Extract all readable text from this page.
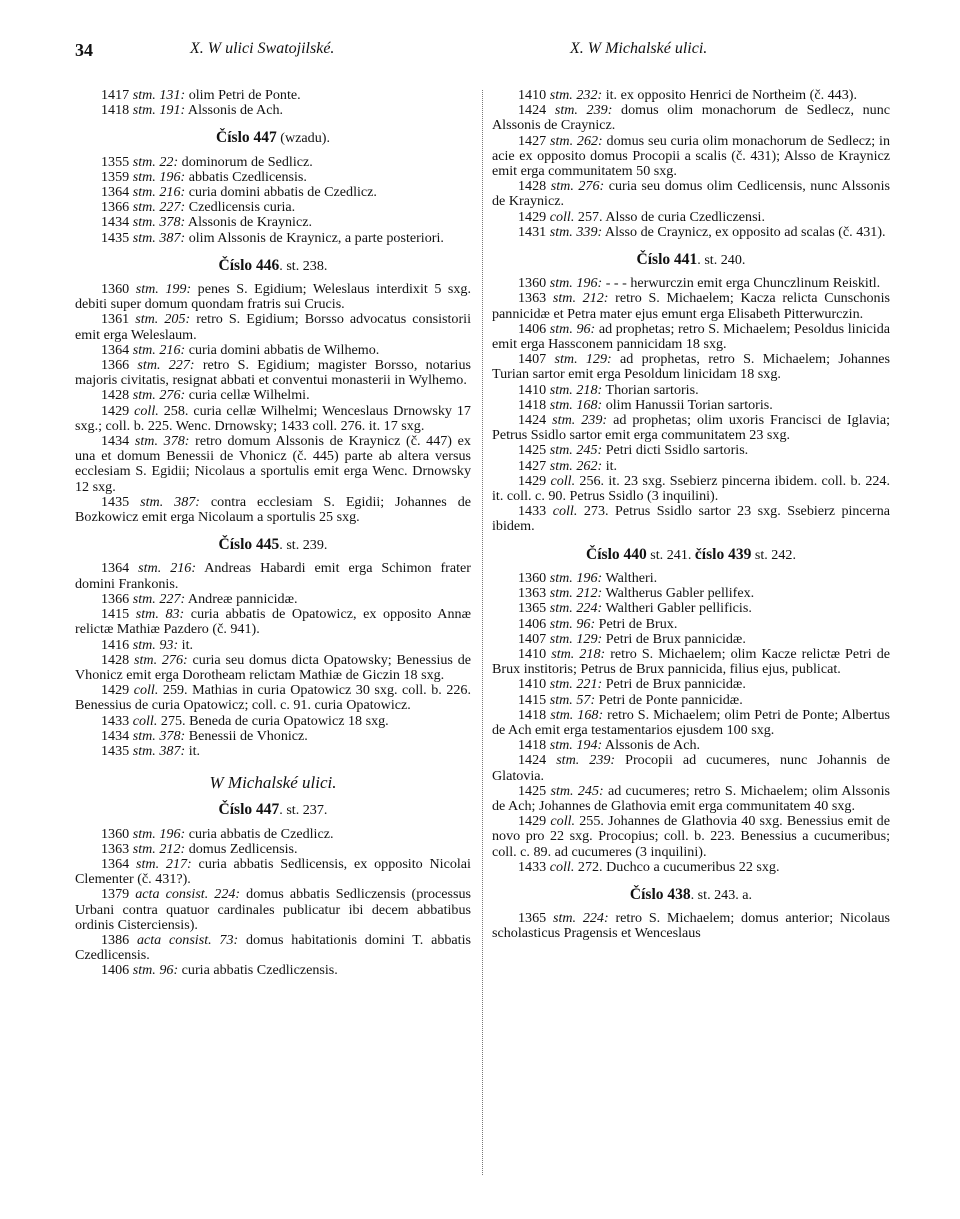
34	X. W ulici Swatojilské.	X. W Michalské ulici.

1417 stm. 131: olim Petri de Ponte.

1418 stm. 191: Alssonis de Ach.

Číslo 447 (wzadu).

1355 stm. 22: dominorum de Sedlicz.

1359 stm. 196: abbatis Czedlicensis.

1364 stm. 216: curia domini abbatis de Czedlicz.

1366 stm. 227: Czedlicensis curia.

1434 stm. 378: Alssonis de Kraynicz.

1435 stm. 387: olim Alssonis de Kraynicz, a parte posteriori.

Číslo 446. st. 238.

1360 stm. 199: penes S. Egidium; Weleslaus interdixit 5 sxg. debiti super domum quondam fratris sui Crucis.

1361 stm. 205: retro S. Egidium; Borsso advocatus consistorii emit erga Weleslaum.

1364 stm. 216: curia domini abbatis de Wilhemo.

1366 stm. 227: retro S. Egidium; magister Borsso, notarius majoris civitatis, resignat abbati et conventui monasterii in Wylhemo.

1428 stm. 276: curia cellæ Wilhelmi.

1429 coll. 258. curia cellæ Wilhelmi; Wenceslaus Drnowsky 17 sxg.; coll. b. 225. Wenc. Drnowsky; 1433 coll. 276. it. 17 sxg.

1434 stm. 378: retro domum Alssonis de Kraynicz (č. 447) ex una et domum Benessii de Vhonicz (č. 445) parte ab altera versus ecclesiam S. Egidii; Nicolaus a sportulis emit erga Wenc. Drnowsky 12 sxg.

1435 stm. 387: contra ecclesiam S. Egidii; Johannes de Bozkowicz emit erga Nicolaum a sportulis 25 sxg.

Číslo 445. st. 239.

1364 stm. 216: Andreas Habardi emit erga Schimon frater domini Frankonis.

1366 stm. 227: Andreæ pannicidæ.

1415 stm. 83: curia abbatis de Opatowicz, ex opposito Annæ relictæ Mathiæ Pazdero (č. 941).

1416 stm. 93: it.

1428 stm. 276: curia seu domus dicta Opatowsky; Benessius de Vhonicz emit erga Dorotheam relictam Mathiæ de Giczin 18 sxg.

1429 coll. 259. Mathias in curia Opatowicz 30 sxg. coll. b. 226. Benessius de curia Opatowicz; coll. c. 91. curia Opatowicz.

1433 coll. 275. Beneda de curia Opatowicz 18 sxg.

1434 stm. 378: Benessii de Vhonicz.

1435 stm. 387: it.

W Michalské ulici.
Číslo 447. st. 237.

1360 stm. 196: curia abbatis de Czedlicz.

1363 stm. 212: domus Zedlicensis.

1364 stm. 217: curia abbatis Sedlicensis, ex opposito Nicolai Clementer (č. 431?).

1379 acta consist. 224: domus abbatis Sedliczensis (processus Urbani contra quatuor cardinales publicatur ibi decem abbatibus ordinis Cisterciensis).

1386 acta consist. 73: domus habitationis domini T. abbatis Czedlicensis.

1406 stm. 96: curia abbatis Czedliczensis.

1410 stm. 232: it. ex opposito Henrici de Northeim (č. 443).

1424 stm. 239: domus olim monachorum de Sedlecz, nunc Alssonis de Craynicz.

1427 stm. 262: domus seu curia olim monachorum de Sedlecz; in acie ex opposito domus Procopii a scalis (č. 431); Alsso de Kraynicz emit erga communitatem 50 sxg.

1428 stm. 276: curia seu domus olim Cedlicensis, nunc Alssonis de Kraynicz.

1429 coll. 257. Alsso de curia Czedliczensi.

1431 stm. 339: Alsso de Craynicz, ex opposito ad scalas (č. 431).

Číslo 441. st. 240.

1360 stm. 196: - - - herwurczin emit erga Chunczlinum Reiskitl.

1363 stm. 212: retro S. Michaelem; Kacza relicta Cunschonis pannicidæ et Petra mater ejus emunt erga Elisabeth Pitterwurczin.

1406 stm. 96: ad prophetas; retro S. Michaelem; Pesoldus linicida emit erga Hassconem pannicidam 18 sxg.

1407 stm. 129: ad prophetas, retro S. Michaelem; Johannes Turian sartor emit erga Pesoldum linicidam 18 sxg.

1410 stm. 218: Thorian sartoris.

1418 stm. 168: olim Hanussii Torian sartoris.

1424 stm. 239: ad prophetas; olim uxoris Francisci de Iglavia; Petrus Ssidlo sartor emit erga communitatem 23 sxg.

1425 stm. 245: Petri dicti Ssidlo sartoris.

1427 stm. 262: it.

1429 coll. 256. it. 23 sxg. Ssebierz pincerna ibidem. coll. b. 224. it. coll. c. 90. Petrus Ssidlo (3 inquilini).

1433 coll. 273. Petrus Ssidlo sartor 23 sxg. Ssebierz pincerna ibidem.

Číslo 440 st. 241. číslo 439 st. 242.

1360 stm. 196: Waltheri.

1363 stm. 212: Waltherus Gabler pellifex.

1365 stm. 224: Waltheri Gabler pellificis.

1406 stm. 96: Petri de Brux.

1407 stm. 129: Petri de Brux pannicidæ.

1410 stm. 218: retro S. Michaelem; olim Kacze relictæ Petri de Brux institoris; Petrus de Brux pannicida, filius ejus, publicat.

1410 stm. 221: Petri de Brux pannicidæ.

1415 stm. 57: Petri de Ponte pannicidæ.

1418 stm. 168: retro S. Michaelem; olim Petri de Ponte; Albertus de Ach emit erga testamentarios ejusdem 100 sxg.

1418 stm. 194: Alssonis de Ach.

1424 stm. 239: Procopii ad cucumeres, nunc Johannis de Glatovia.

1425 stm. 245: ad cucumeres; retro S. Michaelem; olim Alssonis de Ach; Johannes de Glathovia emit erga communitatem 40 sxg.

1429 coll. 255. Johannes de Glathovia 40 sxg. Benessius emit de novo pro 22 sxg. Procopius; coll. b. 223. Benessius a cucumeribus; coll. c. 89. ad cucumeres (3 inquilini).

1433 coll. 272. Duchco a cucumeribus 22 sxg.

Číslo 438. st. 243. a.

1365 stm. 224: retro S. Michaelem; domus anterior; Nicolaus scholasticus Pragensis et Wenceslaus
